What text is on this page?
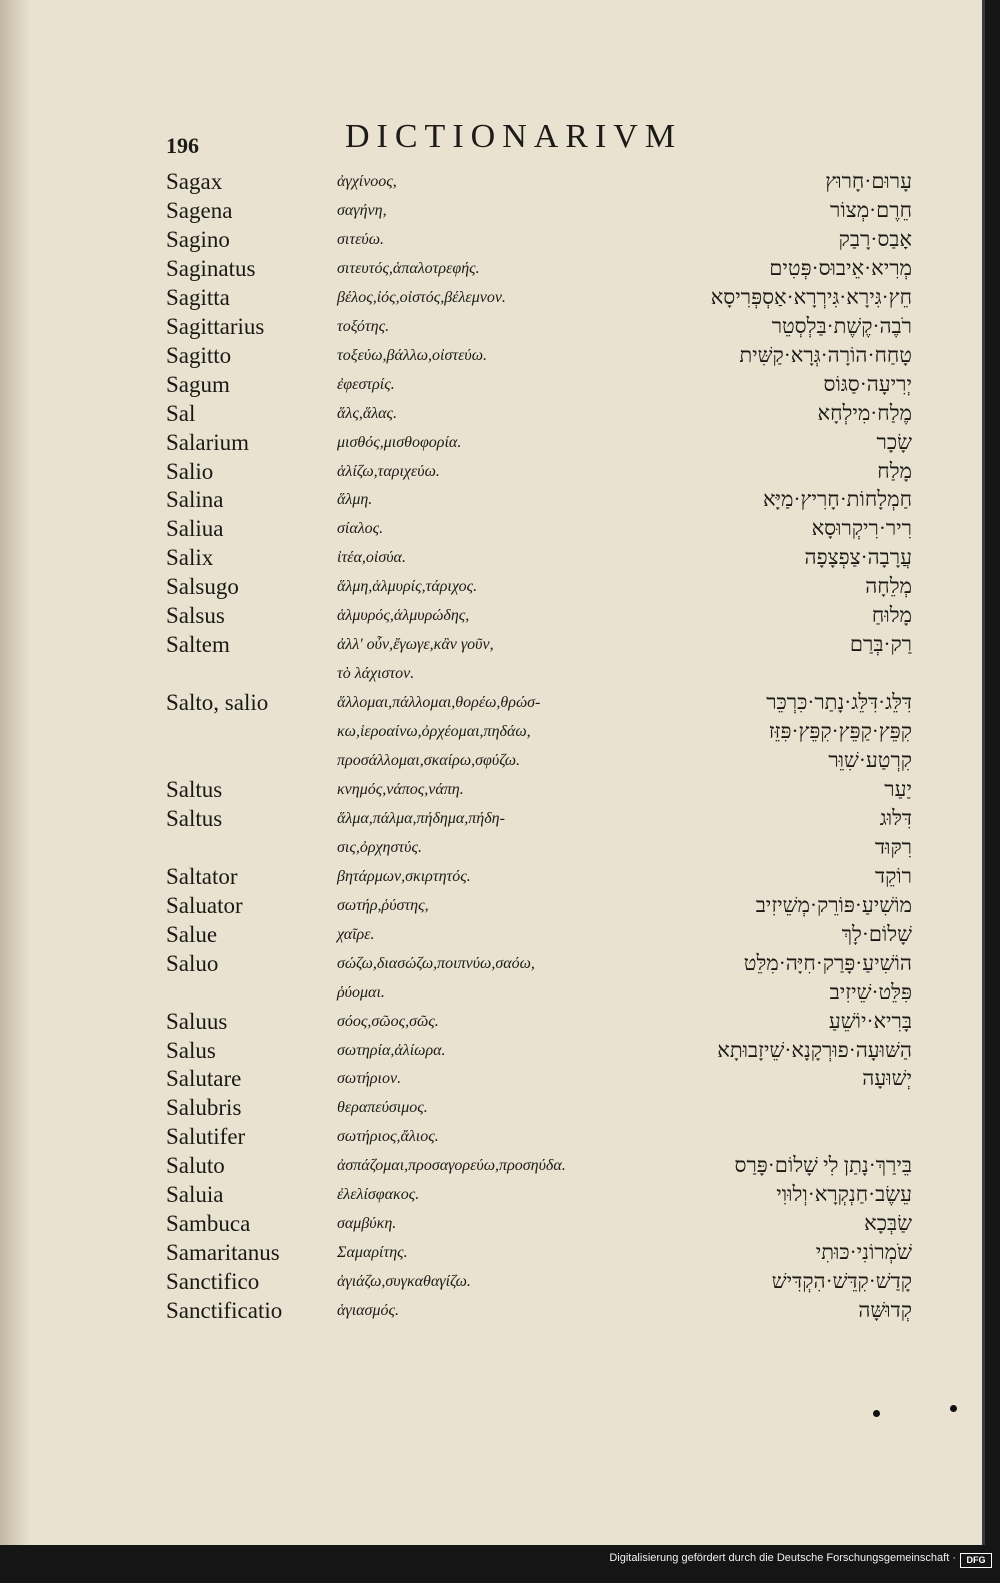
196	DICTIONARIVM
Sagax	ἀγχίνοος,	עָרוּם·חָרוּץ
Sagena	σαγήνη,	חֵרֶם·מְצוֹר
Sagino	σιτεύω.	אָבַס·רָבַק
Saginatus	σιτευτός,ἁπαλοτρεφής.	מְרִיא·אֵיבוּס·פְּטִים
Sagitta	βέλος,ἰός,οἰστός,βέλεμνον.	חֵץ·גִּירָא·גִּירְרָא·אַסְפְּרִיסָא
Sagittarius	τοξότης.	רֹבֶה·קֶשֶׁת·בַּלְסְטֵר
Sagitto	τοξεύω,βάλλω,οἰστεύω.	טָחַח·הוֹרָה·גְּרָא·קַשִּׁית
Sagum	ἐφεστρίς.	יְרִיעָה·סַגּוֹס
Sal	ἅλς,ἅλας.	מֶלַח·מִילְחָא
Salarium	μισθός,μισθοφορία.	שָׂכָר
Salio	ἁλίζω,ταριχεύω.	מָלַח
Salina	ἅλμη.	חַמְלָחוֹת·חָרִיץ·מַיָּא
Saliua	σίαλος.	רִיר·רִיקְרוּסָא
Salix	ἰτέα,οἰσύα.	עֲרָבָה·צַפְצָפָה
Salsugo	ἅλμη,ἁλμυρίς,τάριχος.	מְלֵחָה
Salsus	ἁλμυρός,ἁλμυρώδης,	מָלוּחַ
Saltem	ἀλλ' οὖν,ἔγωγε,κἂν γοῦν,	רַק·בְּרַם
τὸ λάχιστον.
Salto, salio	ἅλλομαι,πάλλομαι,θορέω,θρώσ-	דִּלֵּג·דִּלֵּג·נָתַר·כִּרְכֵּר
κω,ἱεροαίνω,ὀρχέομαι,πηδάω,	קִפֵּץ·קַפֵּץ·קִפֵּץ·פִּזֵּז
προσάλλομαι,σκαίρω,σφύζω.	קִרְטַע·שִׁוֵּר
Saltus	κνημός,νάπος,νάπη.	יַעַר
Saltus	ἅλμα,πάλμα,πήδημα,πήδη-	דִּלּוּג
σις,ὀρχηστύς.	רִקּוּד
Saltator	βητάρμων,σκιρτητός.	רוֹקֵד
Saluator	σωτήρ,ῥύστης,	מוֹשִׁיעַ·פּוֹרֵק·מְשֵׁיזִיב
Salue	χαῖρε.	שָׁלוֹם·לָךְ
Saluo	σώζω,διασώζω,ποιπνύω,σαόω,	הוֹשִׁיעַ·פָּרַק·חִיָּה·מִלֵּט
ῥύομαι.	פִּלֵּט·שֵׁיזִיב
Saluus	σόος,σῶος,σῶς.	בָּרִיא·יוֹשֵׁעַ
Salus	σωτηρία,ἀλίωρα.	הַשּׁוּעָה·פוּרְקָנָא·שֵׁיזָבוּתָא
Salutare	σωτήριον.	יְשׁוּעָה
Salubris	θεραπεύσιμος.
Salutifer	σωτήριος,ἄλιος.
Saluto	ἀσπάζομαι,προσαγορεύω,προσηύδα.	בֵּירַךְ·נָתַן לִי שָׁלוֹם·פָּרַס
Saluia	ἐλελίσφακος.	עֵשֶׂב·חַנְקְרָא·וְלוּוִי
Sambuca	σαμβύκη.	שַׂבְּכָא
Samaritanus	Σαμαρίτης.	שֹׁמְרוֹנִי·כּוּתִי
Sanctifico	ἁγιάζω,συγκαθαγίζω.	קָדַשׁ·קִדֵּשׁ·הִקְדִּישׁ
Sanctificatio	ἁγιασμός.	קְדוּשָּׁה
Digitalisierung gefördert durch die Deutsche Forschungsgemeinschaft ·	DFG
